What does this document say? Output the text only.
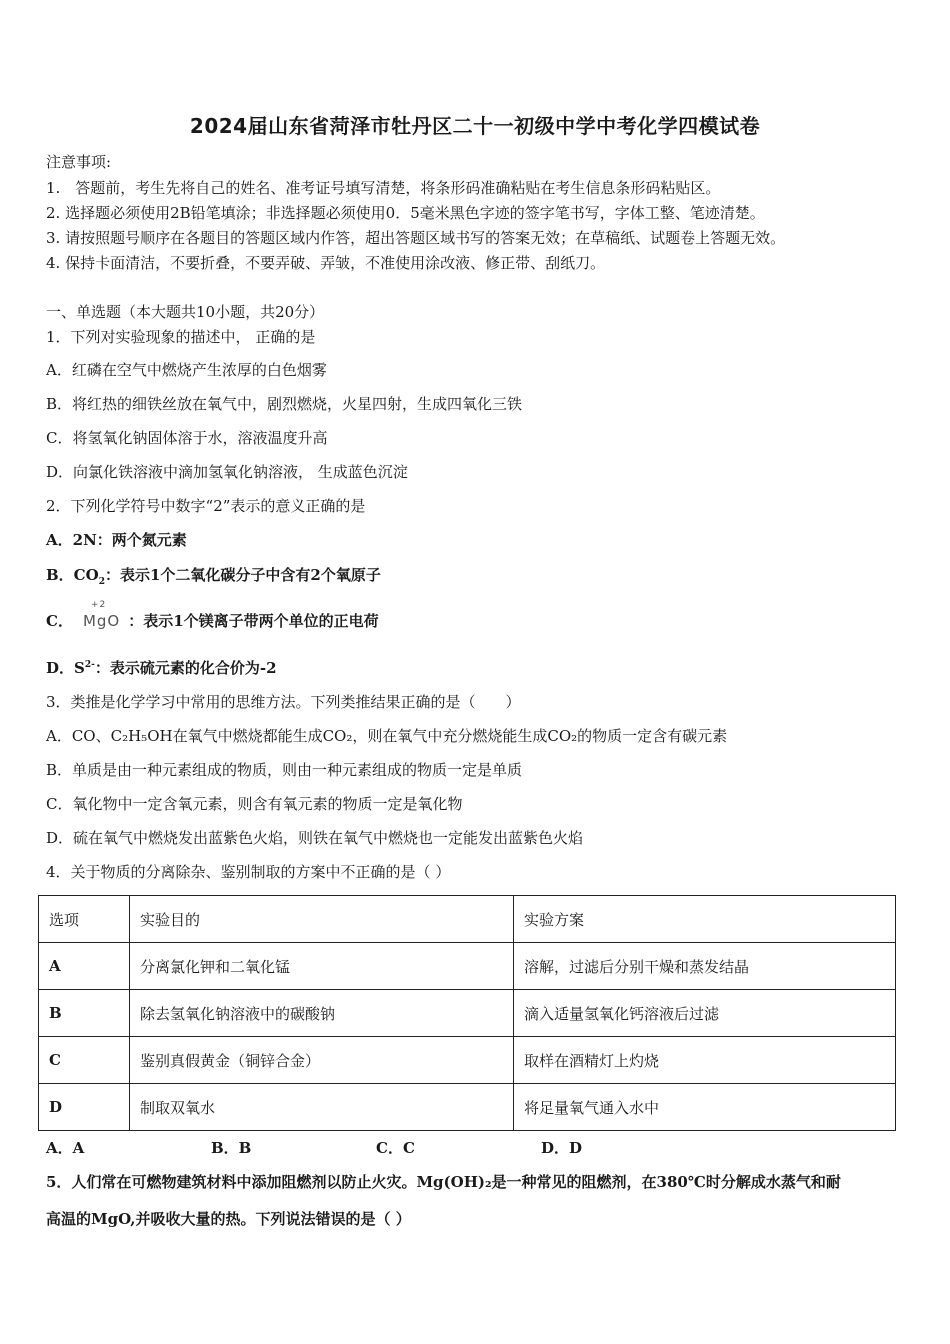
2024届山东省菏泽市牡丹区二十一初级中学中考化学四模试卷
注意事项:
1.　答题前，考生先将自己的姓名、准考证号填写清楚，将条形码准确粘贴在考生信息条形码粘贴区。
2. 选择题必须使用2B铅笔填涂；非选择题必须使用0．5毫米黑色字迹的签字笔书写，字体工整、笔迹清楚。
3. 请按照题号顺序在各题目的答题区域内作答，超出答题区域书写的答案无效；在草稿纸、试题卷上答题无效。
4. 保持卡面清洁，不要折叠，不要弄破、弄皱，不准使用涂改液、修正带、刮纸刀。
一、单选题（本大题共10小题，共20分）
1．下列对实验现象的描述中， 正确的是
A．红磷在空气中燃烧产生浓厚的白色烟雾
B．将红热的细铁丝放在氧气中，剧烈燃烧，火星四射，生成四氧化三铁
C．将氢氧化钠固体溶于水，溶液温度升高
D．向氯化铁溶液中滴加氢氧化钠溶液， 生成蓝色沉淀
2．下列化学符号中数字“2”表示的意义正确的是
A．2N：两个氮元素
B．$CO_2$：表示1个二氧化碳分子中含有2个氧原子
C．
+2
MgO ：表示1个镁离子带两个单位的正电荷
D．$S^{2-}$：表示硫元素的化合价为-2
3．类推是化学学习中常用的思维方法。下列类推结果正确的是（　　）
A．CO、C₂H₅OH在氧气中燃烧都能生成CO₂，则在氧气中充分燃烧能生成CO₂的物质一定含有碳元素
B．单质是由一种元素组成的物质，则由一种元素组成的物质一定是单质
C．氧化物中一定含氧元素，则含有氧元素的物质一定是氧化物
D．硫在氧气中燃烧发出蓝紫色火焰，则铁在氧气中燃烧也一定能发出蓝紫色火焰
4．关于物质的分离除杂、鉴别制取的方案中不正确的是（ ）
选项	实验目的	实验方案
A	分离氯化钾和二氧化锰	溶解，过滤后分别干燥和蒸发结晶
B	除去氢氧化钠溶液中的碳酸钠	滴入适量氢氧化钙溶液后过滤
C	鉴别真假黄金（铜锌合金）	取样在酒精灯上灼烧
D	制取双氧水	将足量氧气通入水中
A．A	B．B	C．C	D．D
5．人们常在可燃物建筑材料中添加阻燃剂以防止火灾。Mg(OH)₂是一种常见的阻燃剂，在380℃时分解成水蒸气和耐
高温的MgO,并吸收大量的热。下列说法错误的是（ ）
